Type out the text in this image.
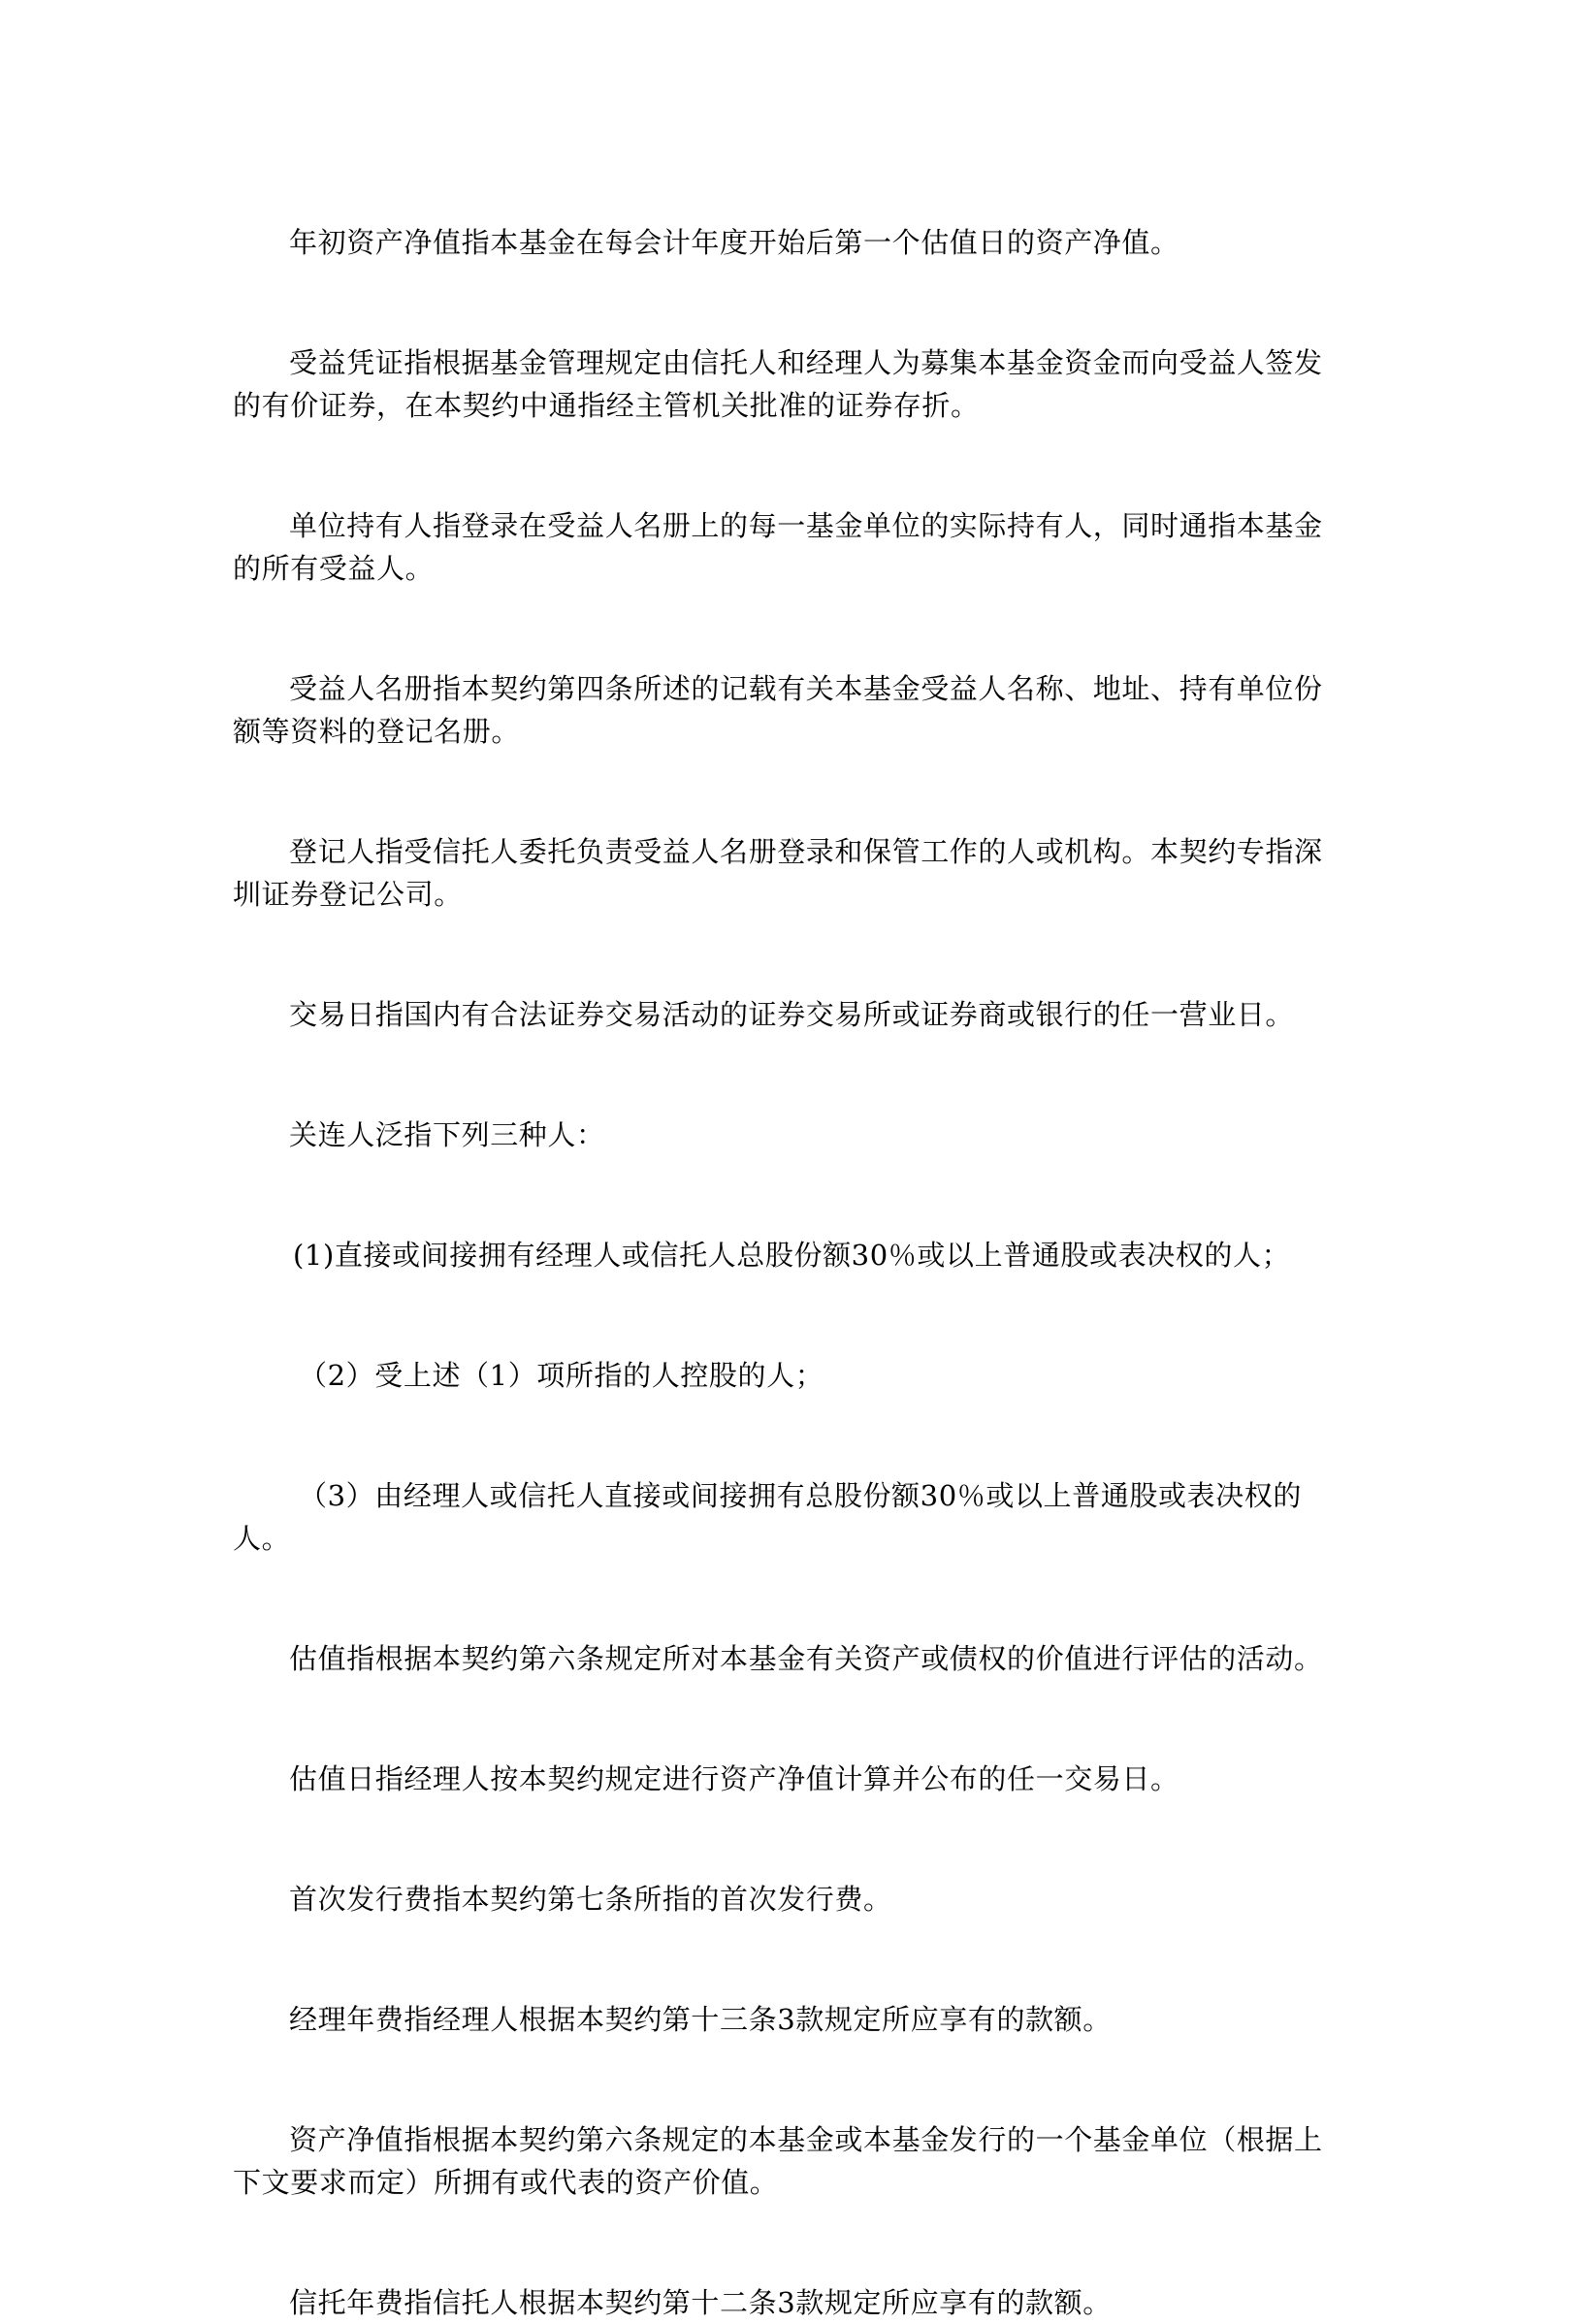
年初资产净值指本基金在每会计年度开始后第一个估值日的资产净值。

受益凭证指根据基金管理规定由信托人和经理人为募集本基金资金而向受益人签发的有价证券，在本契约中通指经主管机关批准的证券存折。

单位持有人指登录在受益人名册上的每一基金单位的实际持有人，同时通指本基金的所有受益人。

受益人名册指本契约第四条所述的记载有关本基金受益人名称、地址、持有单位份额等资料的登记名册。

登记人指受信托人委托负责受益人名册登录和保管工作的人或机构。本契约专指深圳证券登记公司。

交易日指国内有合法证券交易活动的证券交易所或证券商或银行的任一营业日。

关连人泛指下列三种人：

(1)直接或间接拥有经理人或信托人总股份额30％或以上普通股或表决权的人；

（2）受上述（1）项所指的人控股的人；

（3）由经理人或信托人直接或间接拥有总股份额30％或以上普通股或表决权的人。

估值指根据本契约第六条规定所对本基金有关资产或债权的价值进行评估的活动。

估值日指经理人按本契约规定进行资产净值计算并公布的任一交易日。

首次发行费指本契约第七条所指的首次发行费。

经理年费指经理人根据本契约第十三条3款规定所应享有的款额。

资产净值指根据本契约第六条规定的本基金或本基金发行的一个基金单位（根据上下文要求而定）所拥有或代表的资产价值。

信托年费指信托人根据本契约第十二条3款规定所应享有的款额。
